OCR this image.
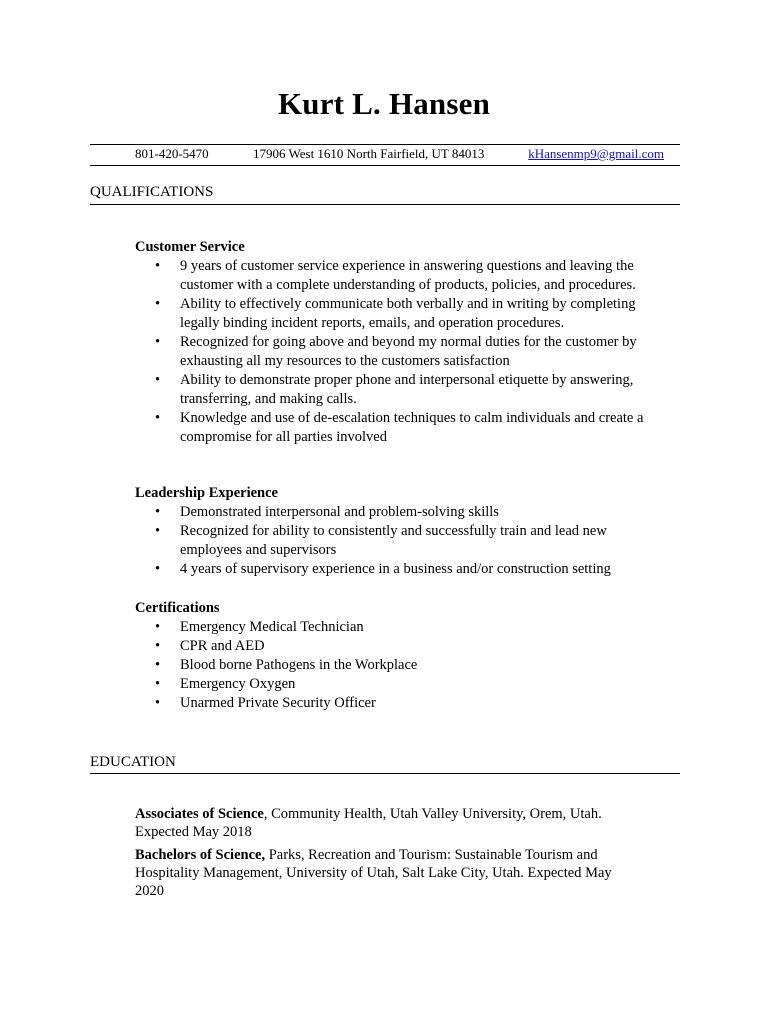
Kurt L. Hansen
801-420-5470	17906 West 1610 North Fairfield, UT 84013	kHansenmp9@gmail.com
QUALIFICATIONS

Customer Service

• 9 years of customer service experience in answering questions and leaving the customer with a complete understanding of products, policies, and procedures.
• Ability to effectively communicate both verbally and in writing by completing legally binding incident reports, emails, and operation procedures.
• Recognized for going above and beyond my normal duties for the customer by exhausting all my resources to the customers satisfaction
• Ability to demonstrate proper phone and interpersonal etiquette by answering, transferring, and making calls.
• Knowledge and use of de-escalation techniques to calm individuals and create a compromise for all parties involved

Leadership Experience

• Demonstrated interpersonal and problem-solving skills
• Recognized for ability to consistently and successfully train and lead new employees and supervisors
• 4 years of supervisory experience in a business and/or construction setting

Certifications

• Emergency Medical Technician
• CPR and AED
• Blood borne Pathogens in the Workplace
• Emergency Oxygen
• Unarmed Private Security Officer
EDUCATION
Associates of Science, Community Health, Utah Valley University, Orem, Utah. Expected May 2018
Bachelors of Science, Parks, Recreation and Tourism: Sustainable Tourism and Hospitality Management, University of Utah, Salt Lake City, Utah. Expected May 2020
